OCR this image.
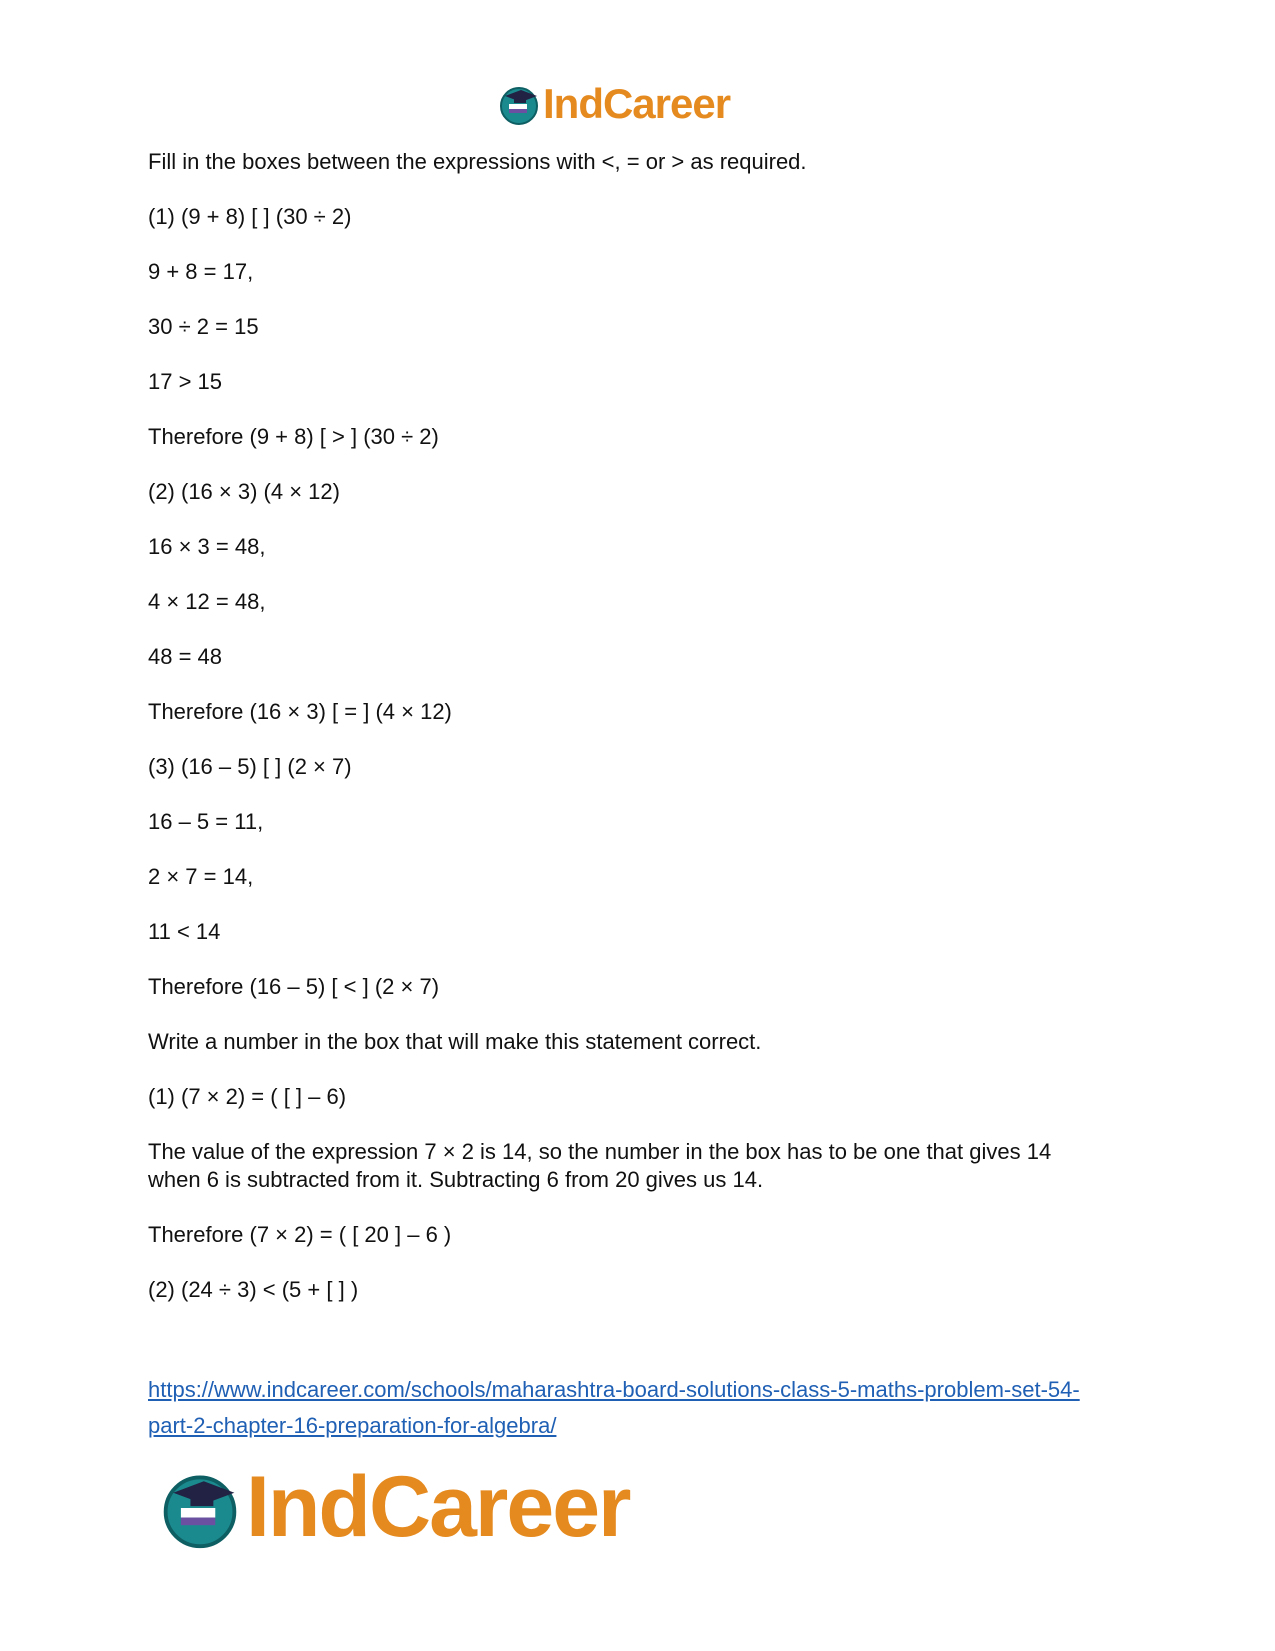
IndCareer

Fill in the boxes between the expressions with <, = or > as required.

(1) (9 + 8) [ ] (30 ÷ 2)

9 + 8 = 17,

30 ÷ 2 = 15

17 > 15

Therefore (9 + 8) [ > ] (30 ÷ 2)

(2) (16 × 3) (4 × 12)

16 × 3 = 48,

4 × 12 = 48,

48 = 48

Therefore (16 × 3) [ = ] (4 × 12)

(3) (16 – 5) [ ] (2 × 7)

16 – 5 = 11,

2 × 7 = 14,

11 < 14

Therefore (16 – 5) [ < ] (2 × 7)

Write a number in the box that will make this statement correct.

(1) (7 × 2) = ( [ ] – 6)

The value of the expression 7 × 2 is 14, so the number in the box has to be one that gives 14 when 6 is subtracted from it. Subtracting 6 from 20 gives us 14.

Therefore (7 × 2) = ( [ 20 ] – 6 )

(2) (24 ÷ 3) < (5 + [ ] )

https://www.indcareer.com/schools/maharashtra-board-solutions-class-5-maths-problem-set-54-
part-2-chapter-16-preparation-for-algebra/
IndCareer
